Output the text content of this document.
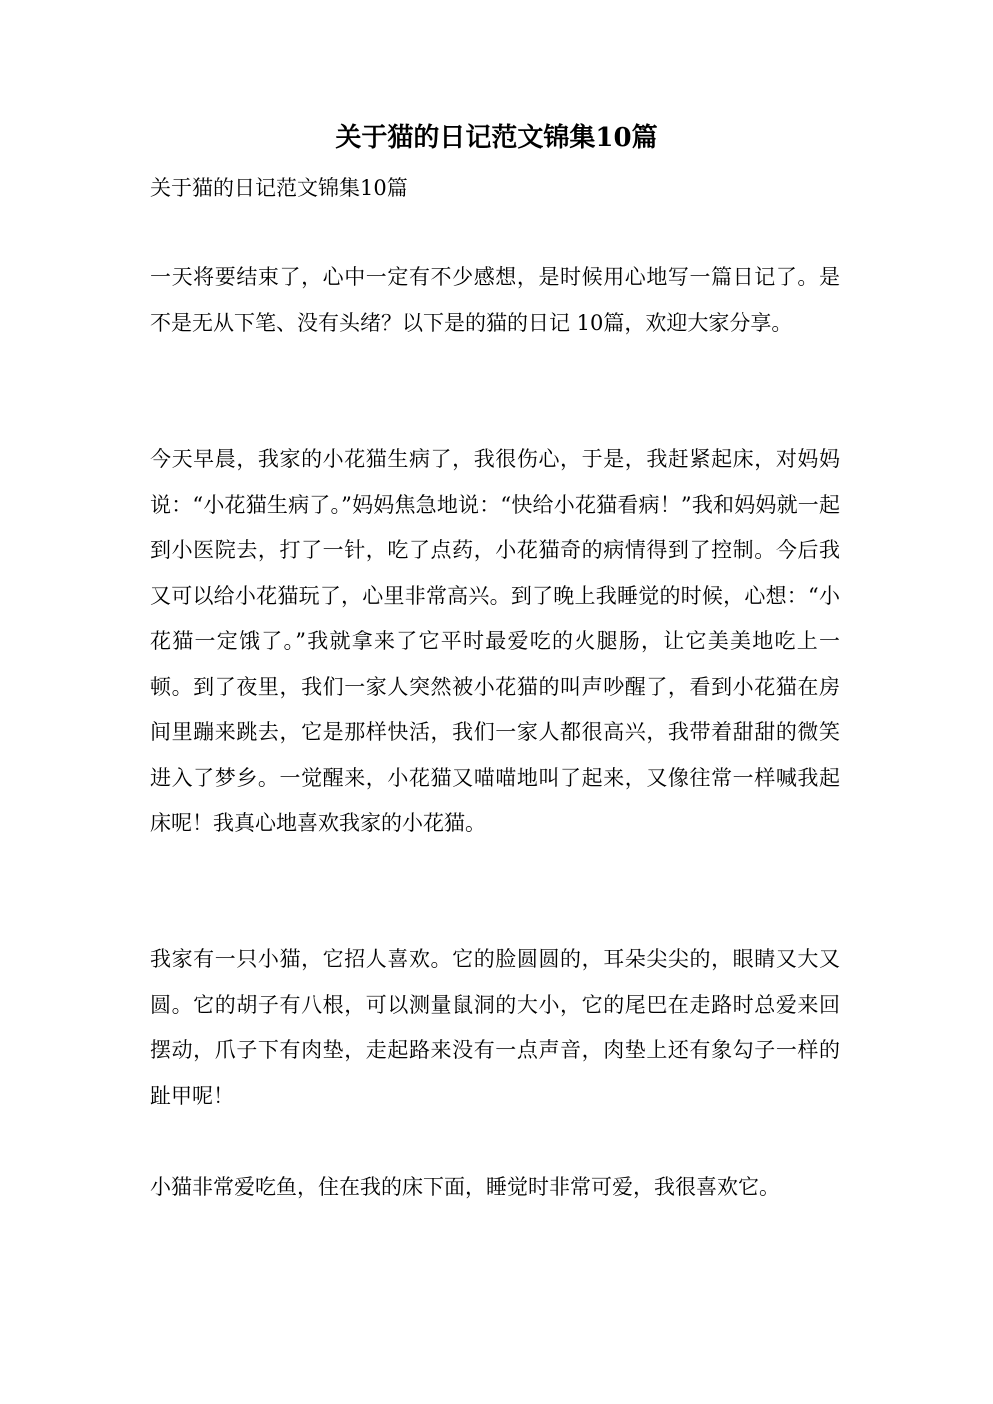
关于猫的日记范文锦集10篇
关于猫的日记范文锦集10篇

一天将要结束了，心中一定有不少感想，是时候用心地写一篇日记了。是不是无从下笔、没有头绪？以下是的猫的日记 10篇，欢迎大家分享。

今天早晨，我家的小花猫生病了，我很伤心，于是，我赶紧起床，对妈妈说：“小花猫生病了。”妈妈焦急地说：“快给小花猫看病！”我和妈妈就一起到小医院去，打了一针，吃了点药，小花猫奇的病情得到了控制。今后我又可以给小花猫玩了，心里非常高兴。到了晚上我睡觉的时候，心想：“小花猫一定饿了。”我就拿来了它平时最爱吃的火腿肠，让它美美地吃上一顿。到了夜里，我们一家人突然被小花猫的叫声吵醒了，看到小花猫在房间里蹦来跳去，它是那样快活，我们一家人都很高兴，我带着甜甜的微笑进入了梦乡。一觉醒来，小花猫又喵喵地叫了起来，又像往常一样喊我起床呢！我真心地喜欢我家的小花猫。

我家有一只小猫，它招人喜欢。它的脸圆圆的，耳朵尖尖的，眼睛又大又圆。它的胡子有八根，可以测量鼠洞的大小，它的尾巴在走路时总爱来回摆动，爪子下有肉垫，走起路来没有一点声音，肉垫上还有象勾子一样的趾甲呢！

小猫非常爱吃鱼，住在我的床下面，睡觉时非常可爱，我很喜欢它。
